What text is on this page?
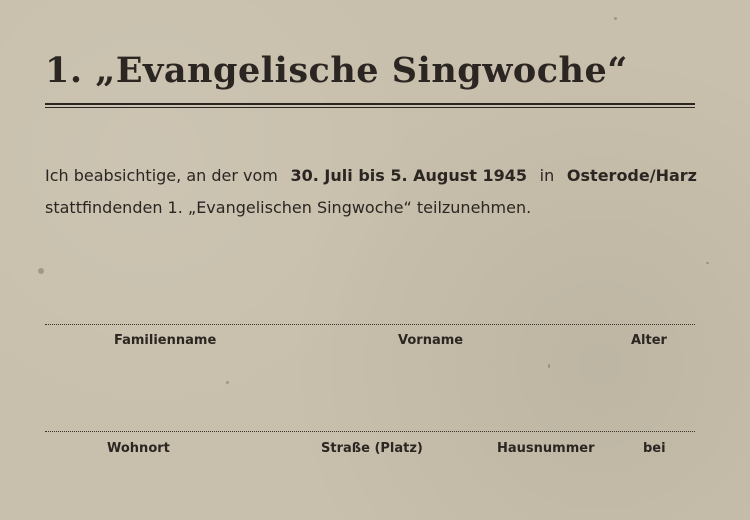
1. „Evangelische Singwoche“
Ich beabsichtige, an der vom 30. Juli bis 5. August 1945 in Osterode/Harz
stattfindenden 1. „Evangelischen Singwoche“ teilzunehmen.
Familienname	Vorname	Alter
Wohnort	Straße (Platz)	Hausnummer	bei
